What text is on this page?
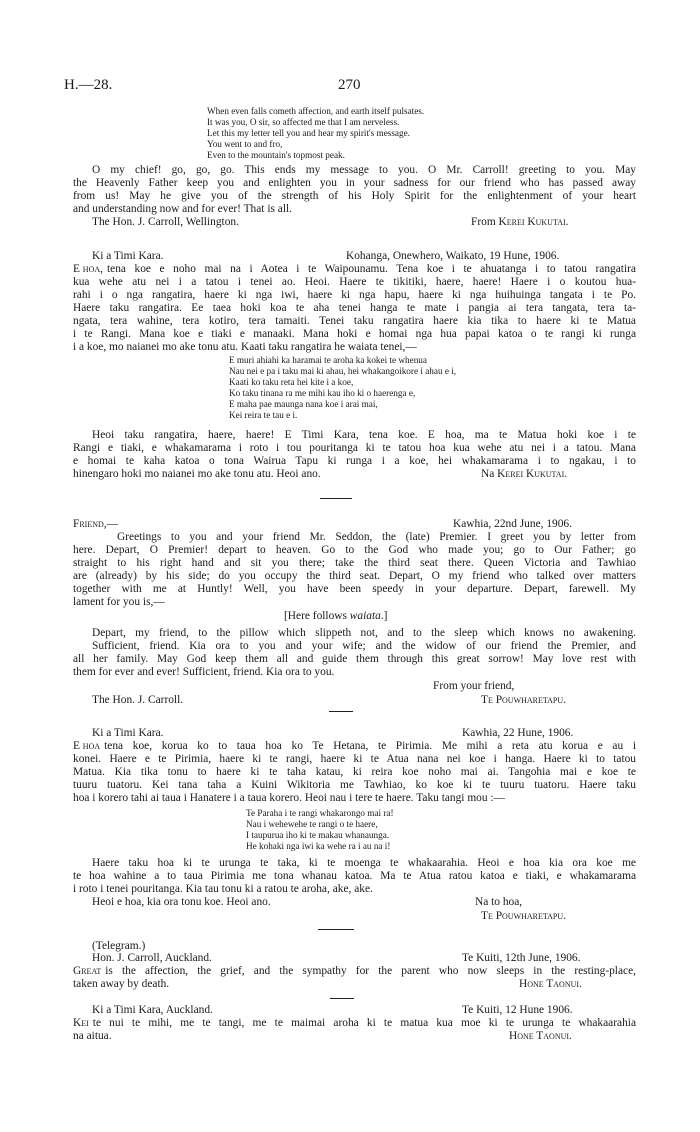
H.—28.	270
When even falls cometh affection, and earth itself pulsates.
It was you, O sir, so affected me that I am nerveless.
Let this my letter tell you and hear my spirit's message.
You went to and fro,
Even to the mountain's topmost peak.
O my chief! go, go, go. This ends my message to you. O Mr. Carroll! greeting to you. May
the Heavenly Father keep you and enlighten you in your sadness for our friend who has passed away
from us! May he give you of the strength of his Holy Spirit for the enlightenment of your heart
and understanding now and for ever! That is all.
The Hon. J. Carroll, Wellington.	From Kerei Kukutai.
Ki a Timi Kara.	Kohanga, Onewhero, Waikato, 19 Hune, 1906.
E hoa, tena koe e noho mai na i Aotea i te Waipounamu. Tena koe i te ahuatanga i to tatou rangatira
kua wehe atu nei i a tatou i tenei ao. Heoi. Haere te tikitiki, haere, haere! Haere i o koutou hua-
rahi i o nga rangatira, haere ki nga iwi, haere ki nga hapu, haere ki nga huihuinga tangata i te Po.
Haere taku rangatira. Ee taea hoki koa te aha tenei hanga te mate i pangia ai tera tangata, tera ta-
ngata, tera wahine, tera kotiro, tera tamaiti. Tenei taku rangatira haere kia tika to haere ki te Matua
i te Rangi. Mana koe e tiaki e manaaki. Mana hoki e homai nga hua papai katoa o te rangi ki runga
i a koe, mo naianei mo ake tonu atu. Kaati taku rangatira he waiata tenei,—
E muri ahiahi ka haramai te aroha ka kokei te whenua
Nau nei e pa i taku mai ki ahau, hei whakangoikore i ahau e i,
Kaati ko taku reta hei kite i a koe,
Ko taku tinana ra me mihi kau iho ki o haerenga e,
E maha pae maunga nana koe i arai mai,
Kei reira te tau e i.
Heoi taku rangatira, haere, haere! E Timi Kara, tena koe. E hoa, ma te Matua hoki koe i te
Rangi e tiaki, e whakamarama i roto i tou pouritanga ki te tatou hoa kua wehe atu nei i a tatou. Mana
e homai te kaha katoa o tona Wairua Tapu ki runga i a koe, hei whakamarama i to ngakau, i to
hinengaro hoki mo naianei mo ake tonu atu. Heoi ano.	Na Kerei Kukutai.
Friend,—	Kawhia, 22nd June, 1906.
Greetings to you and your friend Mr. Seddon, the (late) Premier. I greet you by letter from
here. Depart, O Premier! depart to heaven. Go to the God who made you; go to Our Father; go
straight to his right hand and sit you there; take the third seat there. Queen Victoria and Tawhiao
are (already) by his side; do you occupy the third seat. Depart, O my friend who talked over matters
together with me at Huntly! Well, you have been speedy in your departure. Depart, farewell. My
lament for you is,—
[Here follows waiata.]
Depart, my friend, to the pillow which slippeth not, and to the sleep which knows no awakening.
Sufficient, friend. Kia ora to you and your wife; and the widow of our friend the Premier, and
all her family. May God keep them all and guide them through this great sorrow! May love rest with
them for ever and ever! Sufficient, friend. Kia ora to you.
From your friend,
The Hon. J. Carroll.	Te Pouwharetapu.
Ki a Timi Kara.	Kawhia, 22 Hune, 1906.
E hoa tena koe, korua ko to taua hoa ko Te Hetana, te Pirimia. Me mihi a reta atu korua e au i
konei. Haere e te Pirimia, haere ki te rangi, haere ki te Atua nana nei koe i hanga. Haere ki to tatou
Matua. Kia tika tonu to haere ki te taha katau, ki reira koe noho mai ai. Tangohia mai e koe te
tuuru tuatoru. Kei tana taha a Kuini Wikitoria me Tawhiao, ko koe ki te tuuru tuatoru. Haere taku
hoa i korero tahi ai taua i Hanatere i a taua korero. Heoi nau i tere te haere. Taku tangi mou :—
Te Paraha i te rangi whakarongo mai ra!
Nau i wehewehe te rangi o te haere,
I taupurua iho ki te makau whanaunga.
He kohaki nga iwi ka wehe ra i au na i!
Haere taku hoa ki te urunga te taka, ki te moenga te whakaarahia. Heoi e hoa kia ora koe me
te hoa wahine a to taua Pirimia me tona whanau katoa. Ma te Atua ratou katoa e tiaki, e whakamarama
i roto i tenei pouritanga. Kia tau tonu ki a ratou te aroha, ake, ake.
Heoi e hoa, kia ora tonu koe. Heoi ano.	Na to hoa,
Te Pouwharetapu.
(Telegram.)
Hon. J. Carroll, Auckland.	Te Kuiti, 12th June, 1906.
Great is the affection, the grief, and the sympathy for the parent who now sleeps in the resting-place,
taken away by death.	Hone Taonui.
Ki a Timi Kara, Auckland.	Te Kuiti, 12 Hune 1906.
Kei te nui te mihi, me te tangi, me te maimai aroha ki te matua kua moe ki te urunga te whakaarahia
na aitua.	Hone Taonui.
